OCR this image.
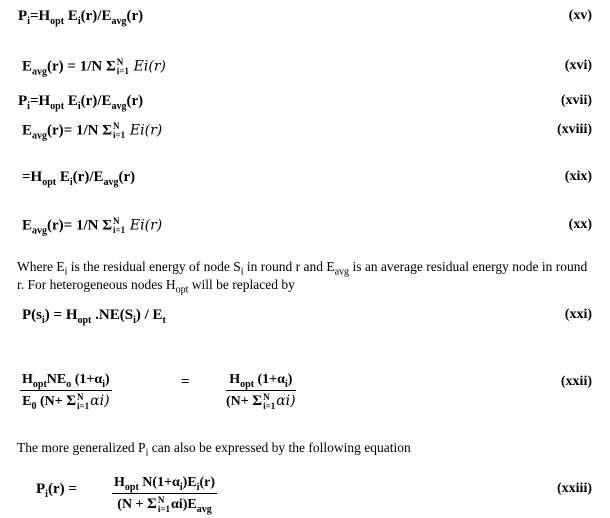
$P_i=H_{opt}$ $E_i(r)/E_{avg}(r)$	(xv)
$E_{avg}(r) = 1/N$ ΣN
i=1 Ei(r)	(xvi)
$P_i=H_{opt}$ $E_i(r)/E_{avg}(r)$	(xvii)
$E_{avg}(r)= 1/N$ ΣN
i=1 Ei(r)	(xviii)
$=H_{opt}$ $E_i(r)/E_{avg}(r)$	(xix)
$E_{avg}(r)= 1/N$ ΣN
i=1 Ei(r)	(xx)
Where $E_i$ is the residual energy of node $S_i$ in round r and $E_{avg}$ is an average residual energy node in round r. For heterogeneous nodes $H_{opt}$ will be replaced by
$P(s_i) = H_{opt}$ $.NE(S_i) / E_t$	(xxi)
$H_{opt}NE_o$ $(1+\alpha_i)$
$E_0$ (N+ ΣN
i=1αi)
=	$H_{opt}$ $(1+\alpha_i)$
(N+ ΣN
i=1αi)
(xxii)
The more generalized $P_i$ can also be expressed by the following equation
$P_i(r)$ =	$H_{opt}$ $N(1+\alpha_i)E_i(r)$
(N + ΣN
$i=1\alpha i)E_{avg}$
(xxiii)
